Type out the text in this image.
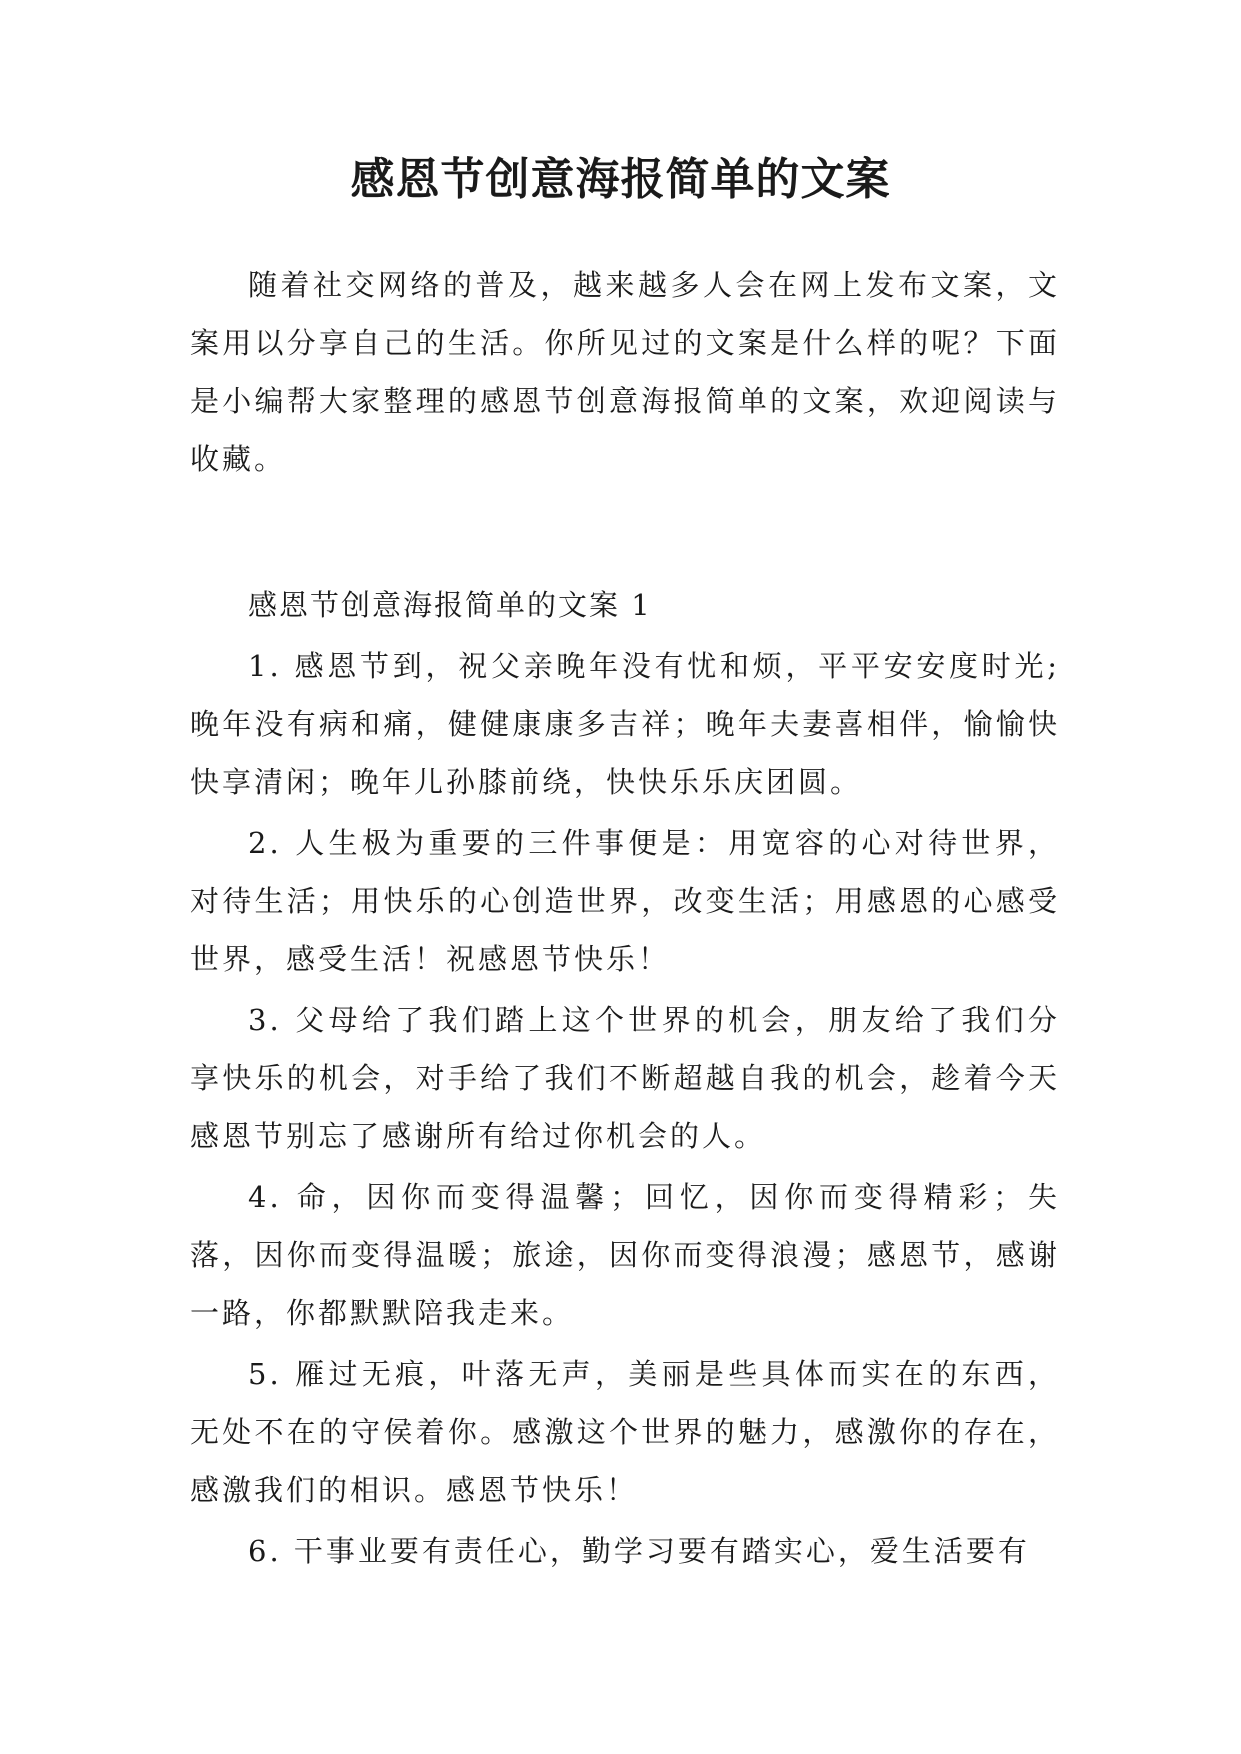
感恩节创意海报简单的文案

随着社交网络的普及，越来越多人会在网上发布文案，文案用以分享自己的生活。你所见过的文案是什么样的呢？下面是小编帮大家整理的感恩节创意海报简单的文案，欢迎阅读与收藏。

感恩节创意海报简单的文案 1

1. 感恩节到，祝父亲晚年没有忧和烦，平平安安度时光;晚年没有病和痛，健健康康多吉祥；晚年夫妻喜相伴，愉愉快快享清闲；晚年儿孙膝前绕，快快乐乐庆团圆。

2. 人生极为重要的三件事便是：用宽容的心对待世界，对待生活；用快乐的心创造世界，改变生活；用感恩的心感受世界，感受生活！祝感恩节快乐！

3. 父母给了我们踏上这个世界的机会，朋友给了我们分享快乐的机会，对手给了我们不断超越自我的机会，趁着今天感恩节别忘了感谢所有给过你机会的人。

4. 命，因你而变得温馨；回忆，因你而变得精彩；失落，因你而变得温暖；旅途，因你而变得浪漫；感恩节，感谢一路，你都默默陪我走来。

5. 雁过无痕，叶落无声，美丽是些具体而实在的东西，无处不在的守侯着你。感激这个世界的魅力，感激你的存在，感激我们的相识。感恩节快乐！

6. 干事业要有责任心，勤学习要有踏实心，爱生活要有
